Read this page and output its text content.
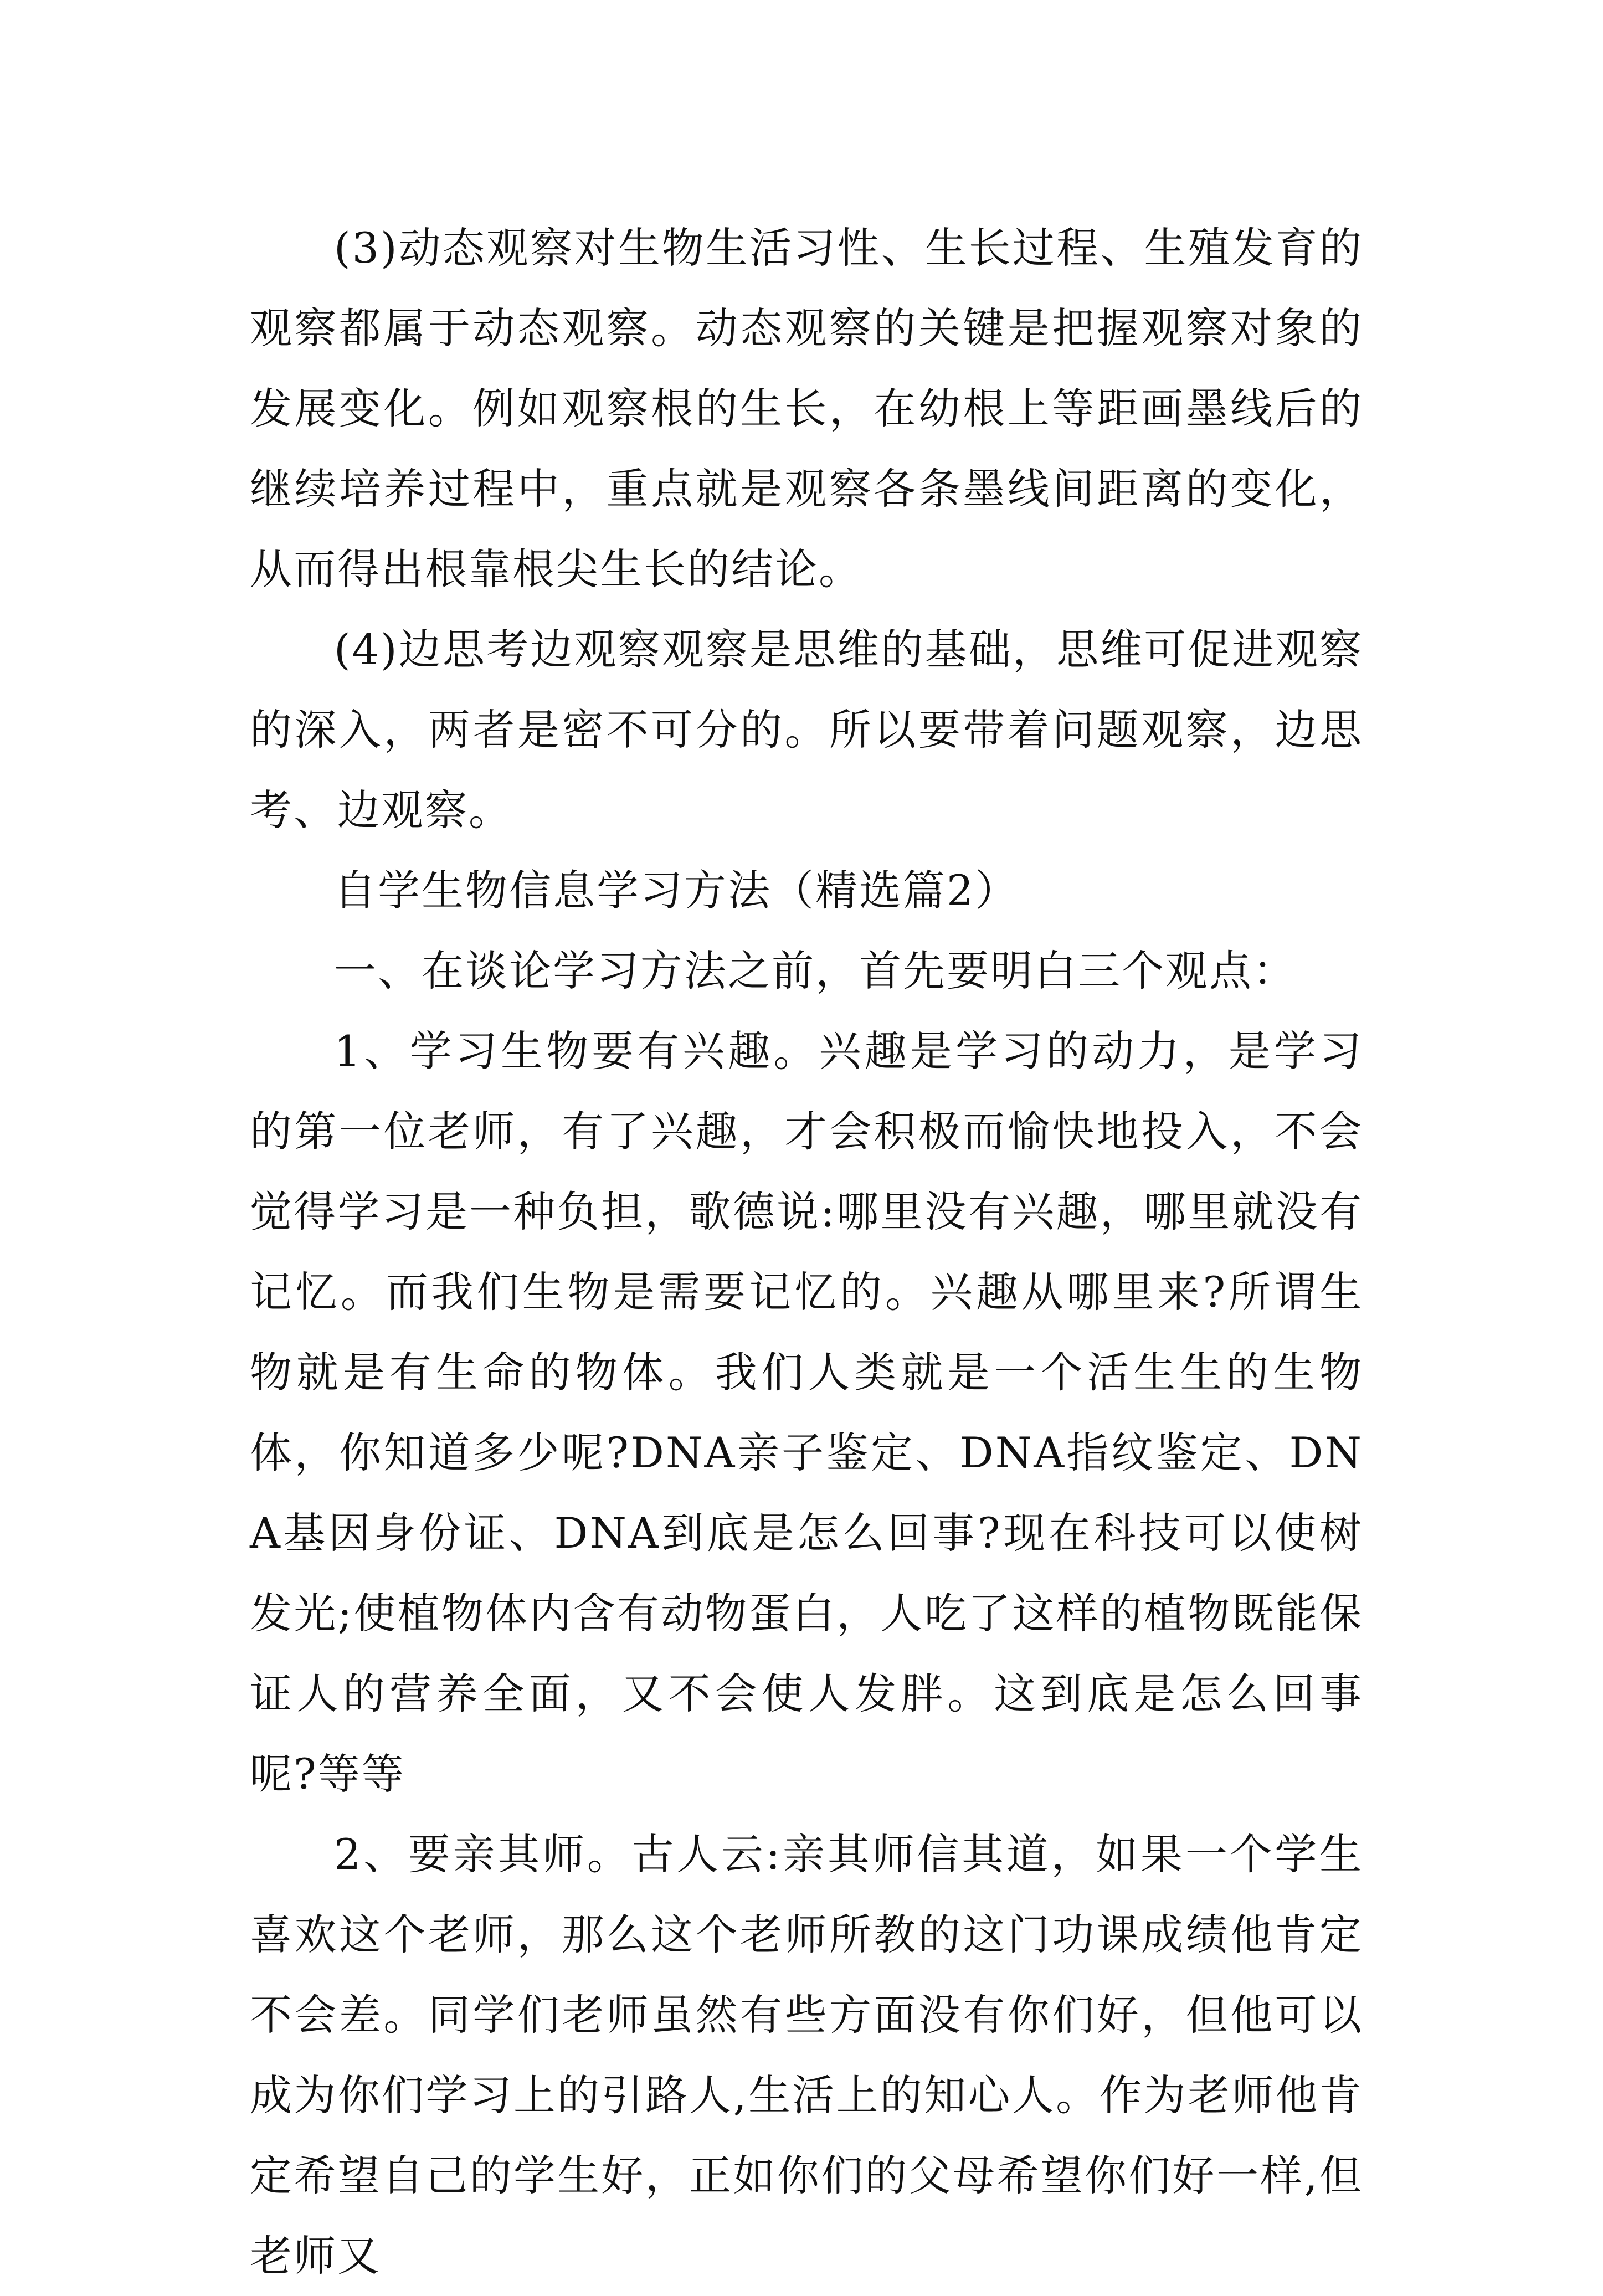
(3)动态观察对生物生活习性、生长过程、生殖发育的观察都属于动态观察。动态观察的关键是把握观察对象的发展变化。例如观察根的生长，在幼根上等距画墨线后的继续培养过程中，重点就是观察各条墨线间距离的变化，从而得出根靠根尖生长的结论。

(4)边思考边观察观察是思维的基础，思维可促进观察的深入，两者是密不可分的。所以要带着问题观察，边思考、边观察。

自学生物信息学习方法（精选篇2）

一、在谈论学习方法之前，首先要明白三个观点：

1、学习生物要有兴趣。兴趣是学习的动力，是学习的第一位老师，有了兴趣，才会积极而愉快地投入，不会觉得学习是一种负担，歌德说:哪里没有兴趣，哪里就没有记忆。而我们生物是需要记忆的。兴趣从哪里来?所谓生物就是有生命的物体。我们人类就是一个活生生的生物体，你知道多少呢?DNA亲子鉴定、DNA指纹鉴定、DNA基因身份证、DNA到底是怎么回事?现在科技可以使树发光;使植物体内含有动物蛋白，人吃了这样的植物既能保证人的营养全面，又不会使人发胖。这到底是怎么回事呢?等等

2、要亲其师。古人云:亲其师信其道，如果一个学生喜欢这个老师，那么这个老师所教的这门功课成绩他肯定不会差。同学们老师虽然有些方面没有你们好，但他可以成为你们学习上的引路人,生活上的知心人。作为老师他肯定希望自己的学生好，正如你们的父母希望你们好一样,但老师又
